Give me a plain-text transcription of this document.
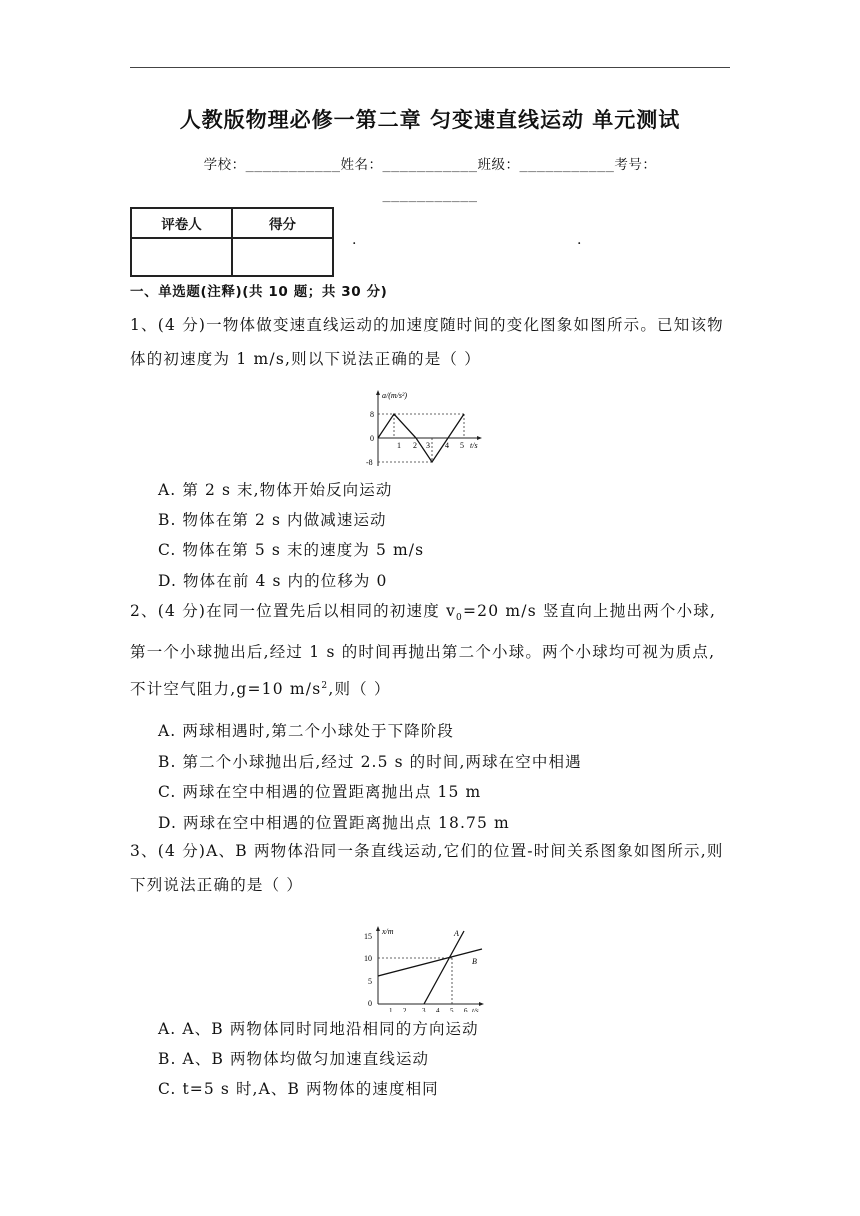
人教版物理必修一第二章 匀变速直线运动 单元测试
学校：___________姓名：___________班级：___________考号：
___________
评卷人	得分

.	.
一、单选题(注释)(共 10 题；共 30 分)
1、(4 分)一物体做变速直线运动的加速度随时间的变化图象如图所示。已知该物体的初速度为 1 m/s,则以下说法正确的是（ ）
a/(m/s²)
8
0
-8
1 2 3 4 5 t/s
A. 第 2 s 末,物体开始反向运动
B. 物体在第 2 s 内做减速运动
C. 物体在第 5 s 末的速度为 5 m/s
D. 物体在前 4 s 内的位移为 0
2、(4 分)在同一位置先后以相同的初速度 $v_0=20$ m/s 竖直向上抛出两个小球,第一个小球抛出后,经过 1 s 的时间再抛出第二个小球。两个小球均可视为质点,不计空气阻力,g=10 $m/s^2$,则（ ）
A. 两球相遇时,第二个小球处于下降阶段
B. 第二个小球抛出后,经过 2.5 s 的时间,两球在空中相遇
C. 两球在空中相遇的位置距离抛出点 15 m
D. 两球在空中相遇的位置距离抛出点 18.75 m
3、(4 分)A、B 两物体沿同一条直线运动,它们的位置-时间关系图象如图所示,则下列说法正确的是（ ）
x/m
15
10
5
0
1 2 3 4 5 6 t/s
A
B
A. A、B 两物体同时同地沿相同的方向运动
B. A、B 两物体均做匀加速直线运动
C. t=5 s 时,A、B 两物体的速度相同
